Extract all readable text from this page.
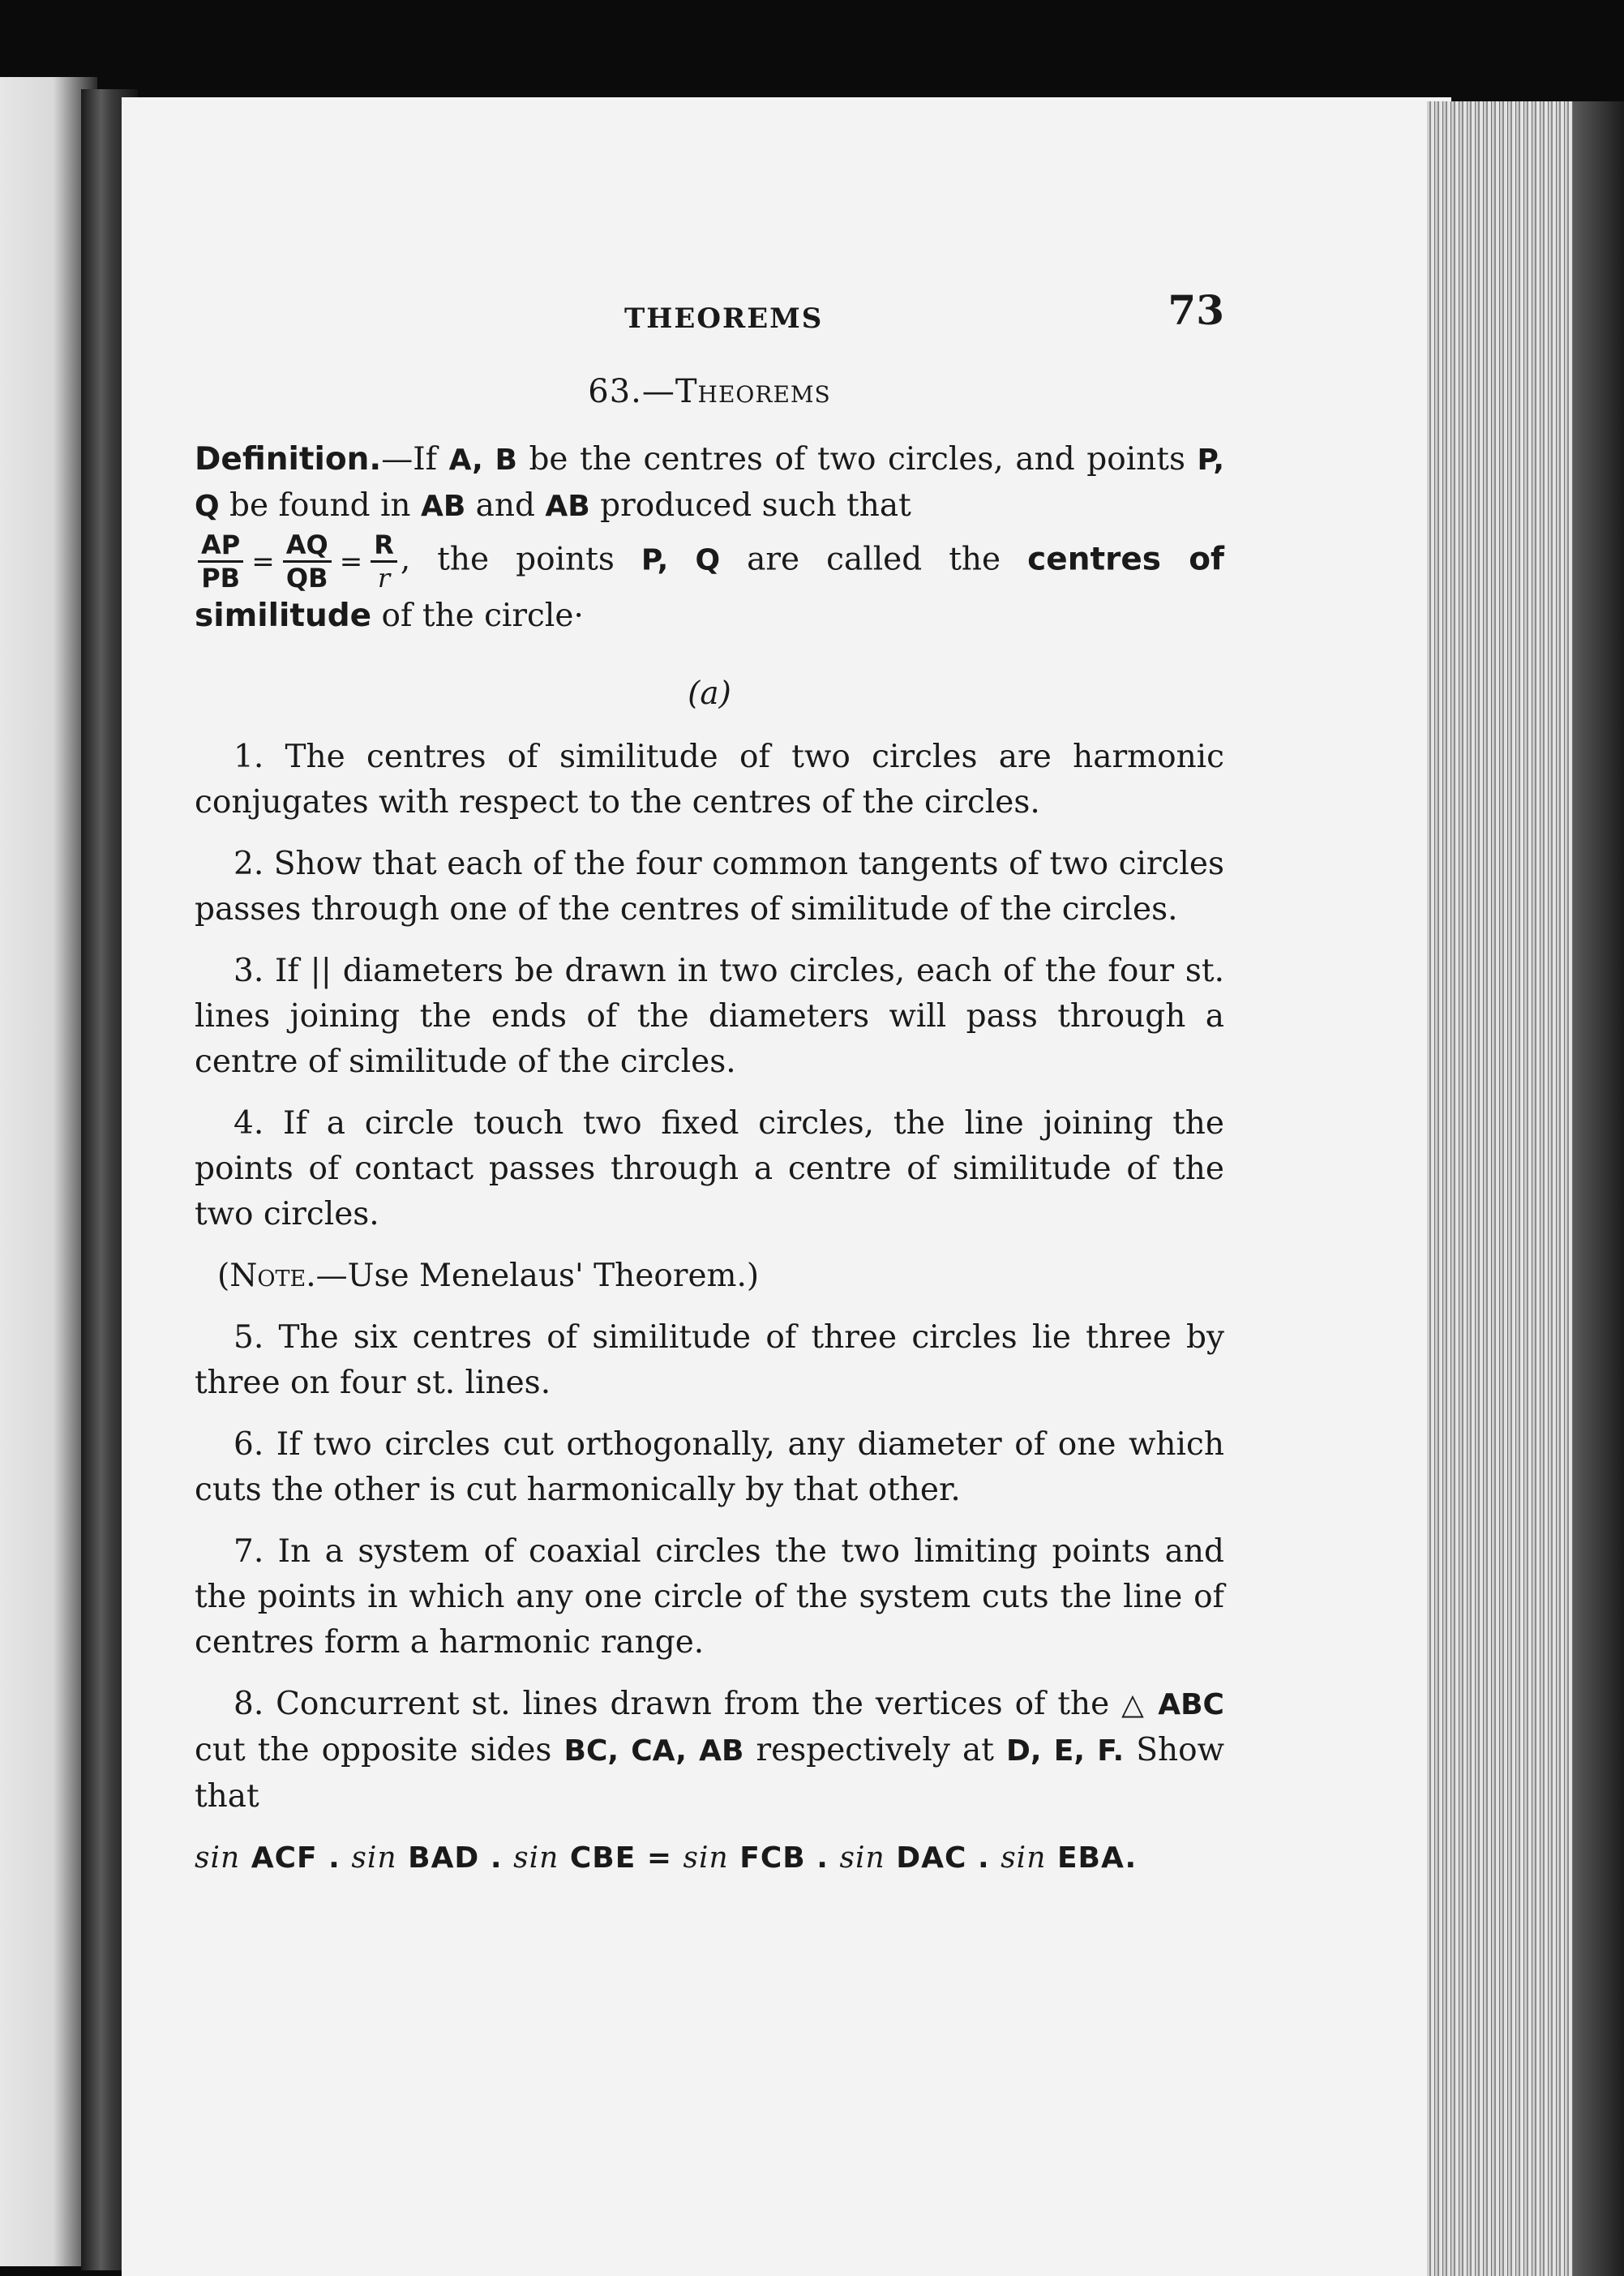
THEOREMS	73
63.—Theorems

Definition.—If A, B be the centres of two circles, and points P, Q be found in AB and AB produced such that

$\frac{AP}{PB} = \frac{AQ}{QB} = \frac{R}{r}$ , the points P, Q are called the centres of similitude of the circle·

(a)

1. The centres of similitude of two circles are harmonic conjugates with respect to the centres of the circles.

2. Show that each of the four common tangents of two circles passes through one of the centres of similitude of the circles.

3. If || diameters be drawn in two circles, each of the four st. lines joining the ends of the diameters will pass through a centre of similitude of the circles.

4. If a circle touch two fixed circles, the line joining the points of contact passes through a centre of similitude of the two circles.

(Note.—Use Menelaus' Theorem.)

5. The six centres of similitude of three circles lie three by three on four st. lines.

6. If two circles cut orthogonally, any diameter of one which cuts the other is cut harmonically by that other.

7. In a system of coaxial circles the two limiting points and the points in which any one circle of the system cuts the line of centres form a harmonic range.

8. Concurrent st. lines drawn from the vertices of the △ ABC cut the opposite sides BC, CA, AB respectively at D, E, F. Show that

sin ACF . sin BAD . sin CBE = sin FCB . sin DAC . sin EBA.
